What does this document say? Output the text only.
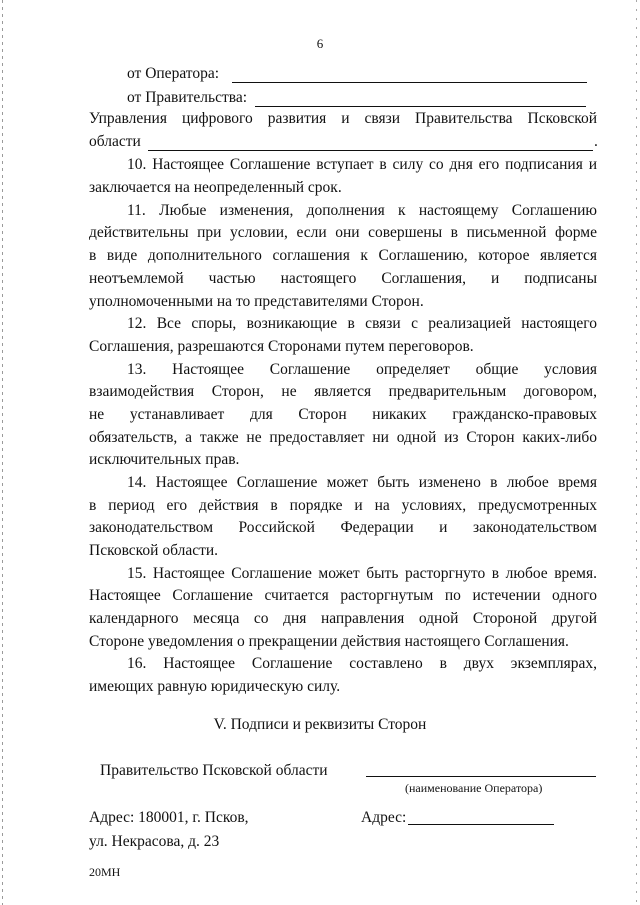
6
от Оператора:
от Правительства:
Управления цифрового развития и связи Правительства Псковской
области	.
10. Настоящее Соглашение вступает в силу со дня его подписания и
заключается на неопределенный срок.
11. Любые изменения, дополнения к настоящему Соглашению
действительны при условии, если они совершены в письменной форме
в виде дополнительного соглашения к Соглашению, которое является
неотъемлемой частью настоящего Соглашения, и подписаны
уполномоченными на то представителями Сторон.
12. Все споры, возникающие в связи с реализацией настоящего
Соглашения, разрешаются Сторонами путем переговоров.
13. Настоящее Соглашение определяет общие условия
взаимодействия Сторон, не является предварительным договором,
не устанавливает для Сторон никаких гражданско-правовых
обязательств, а также не предоставляет ни одной из Сторон каких-либо
исключительных прав.
14. Настоящее Соглашение может быть изменено в любое время
в период его действия в порядке и на условиях, предусмотренных
законодательством Российской Федерации и законодательством
Псковской области.
15. Настоящее Соглашение может быть расторгнуто в любое время.
Настоящее Соглашение считается расторгнутым по истечении одного
календарного месяца со дня направления одной Стороной другой
Стороне уведомления о прекращении действия настоящего Соглашения.
16. Настоящее Соглашение составлено в двух экземплярах,
имеющих равную юридическую силу.
V. Подписи и реквизиты Сторон
Правительство Псковской области
(наименование Оператора)
Адрес: 180001, г. Псков,
ул. Некрасова, д. 23
Адрес:
20МН
